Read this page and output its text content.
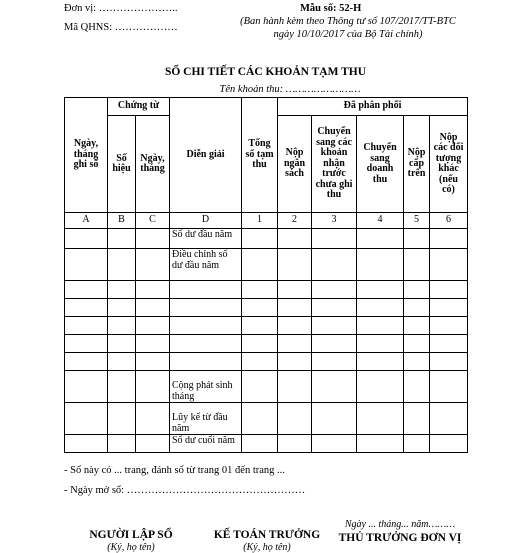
Đơn vị: …………………..
Mã QHNS: ………………
Mẫu số: 52-H
(Ban hành kèm theo Thông tư số 107/2017/TT-BTC
ngày 10/10/2017 của Bộ Tài chính)
SỔ CHI TIẾT CÁC KHOẢN TẠM THU
Tên khoản thu: ……………………
Ngày, tháng ghi sổ	Chứng từ		Diễn giải	Tổng số tạm thu	Đã phân phối				
	Số hiệu	Ngày, tháng			Nộp ngân sách	Chuyển sang các khoản nhận trước chưa ghi thu	Chuyển sang doanh thu	Nộp cấp trên	Nộp các đối tượng khác (nếu có)
A	B	C	D	1	2	3	4	5	6
			Số dư đầu năm						
			Điều chỉnh số dư đầu năm						

			Cộng phát sinh tháng						
			Lũy kế từ đầu năm						
			Số dư cuối năm						
- Sổ này có ... trang, đánh số từ trang 01 đến trang ...
- Ngày mở sổ: ……………………………………………
NGƯỜI LẬP SỔ
(Ký, họ tên)
KẾ TOÁN TRƯỞNG
(Ký, họ tên)
Ngày ... tháng... năm………
THỦ TRƯỞNG ĐƠN VỊ
